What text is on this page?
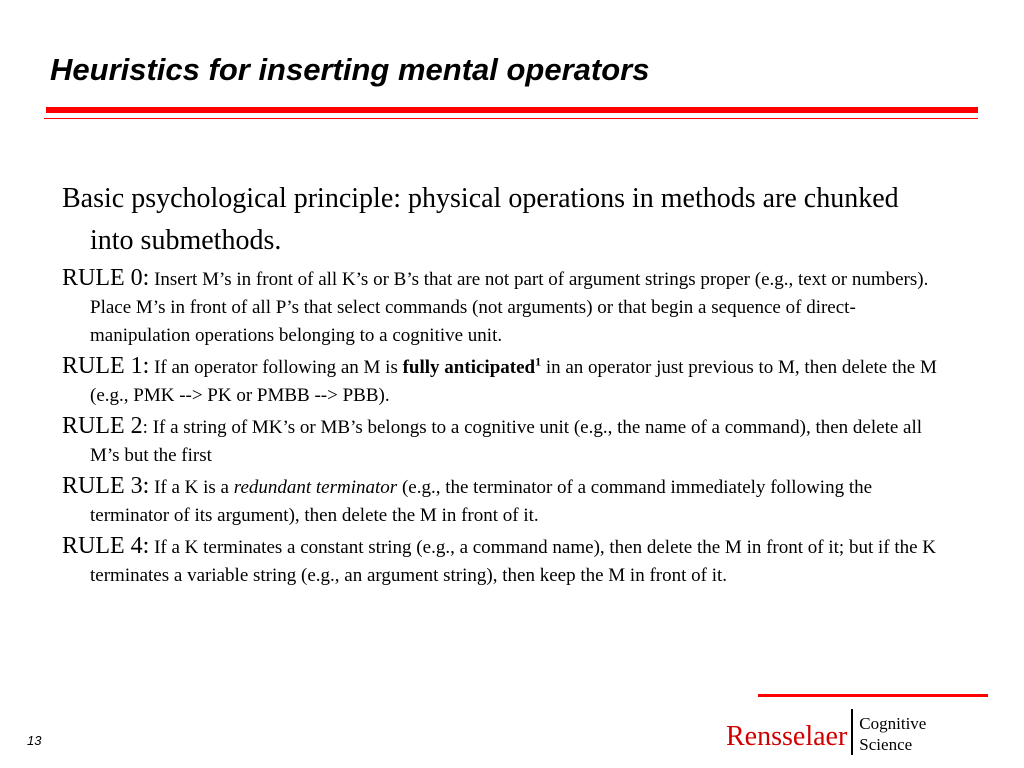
Heuristics for inserting mental operators

Basic psychological principle: physical operations in methods are chunked into submethods.

RULE 0: Insert M’s in front of all K’s or B’s that are not part of argument strings proper (e.g., text or numbers). Place M’s in front of all P’s that select commands (not arguments) or that begin a sequence of direct-manipulation operations belonging to a cognitive unit.

RULE 1: If an operator following an M is fully anticipated$^1$ in an operator just previous to M, then delete the M (e.g., PMK --> PK or PMBB --> PBB).

RULE 2: If a string of MK’s or MB’s belongs to a cognitive unit (e.g., the name of a command), then delete all M’s but the first

RULE 3: If a K is a redundant terminator (e.g., the terminator of a command immediately following the terminator of its argument), then delete the M in front of it.

RULE 4: If a K terminates a constant string (e.g., a command name), then delete the M in front of it; but if the K terminates a variable string (e.g., an argument string), then keep the M in front of it.

Rensselaer Cognitive
Science
13
